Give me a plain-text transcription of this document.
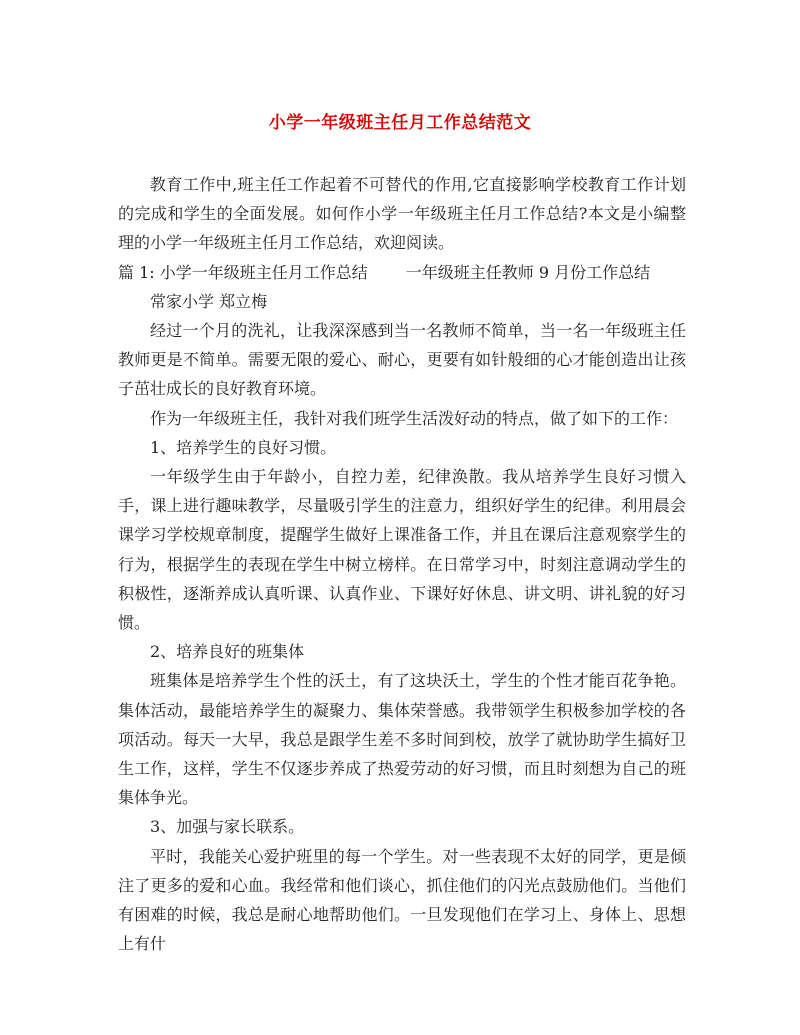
小学一年级班主任月工作总结范文

教育工作中,班主任工作起着不可替代的作用,它直接影响学校教育工作计划的完成和学生的全面发展。如何作小学一年级班主任月工作总结?本文是小编整理的小学一年级班主任月工作总结，欢迎阅读。

篇 1: 小学一年级班主任月工作总结 一年级班主任教师 9 月份工作总结

常家小学 郑立梅

经过一个月的洗礼，让我深深感到当一名教师不简单，当一名一年级班主任教师更是不简单。需要无限的爱心、耐心，更要有如针般细的心才能创造出让孩子茁壮成长的良好教育环境。

作为一年级班主任，我针对我们班学生活泼好动的特点，做了如下的工作：

1、培养学生的良好习惯。

一年级学生由于年龄小，自控力差，纪律涣散。我从培养学生良好习惯入手，课上进行趣味教学，尽量吸引学生的注意力，组织好学生的纪律。利用晨会课学习学校规章制度，提醒学生做好上课准备工作，并且在课后注意观察学生的行为，根据学生的表现在学生中树立榜样。在日常学习中，时刻注意调动学生的积极性，逐渐养成认真听课、认真作业、下课好好休息、讲文明、讲礼貌的好习惯。

2、培养良好的班集体

班集体是培养学生个性的沃土，有了这块沃土，学生的个性才能百花争艳。集体活动，最能培养学生的凝聚力、集体荣誉感。我带领学生积极参加学校的各项活动。每天一大早，我总是跟学生差不多时间到校，放学了就协助学生搞好卫生工作，这样，学生不仅逐步养成了热爱劳动的好习惯，而且时刻想为自己的班集体争光。

3、加强与家长联系。

平时，我能关心爱护班里的每一个学生。对一些表现不太好的同学，更是倾注了更多的爱和心血。我经常和他们谈心，抓住他们的闪光点鼓励他们。当他们有困难的时候，我总是耐心地帮助他们。一旦发现他们在学习上、身体上、思想上有什
